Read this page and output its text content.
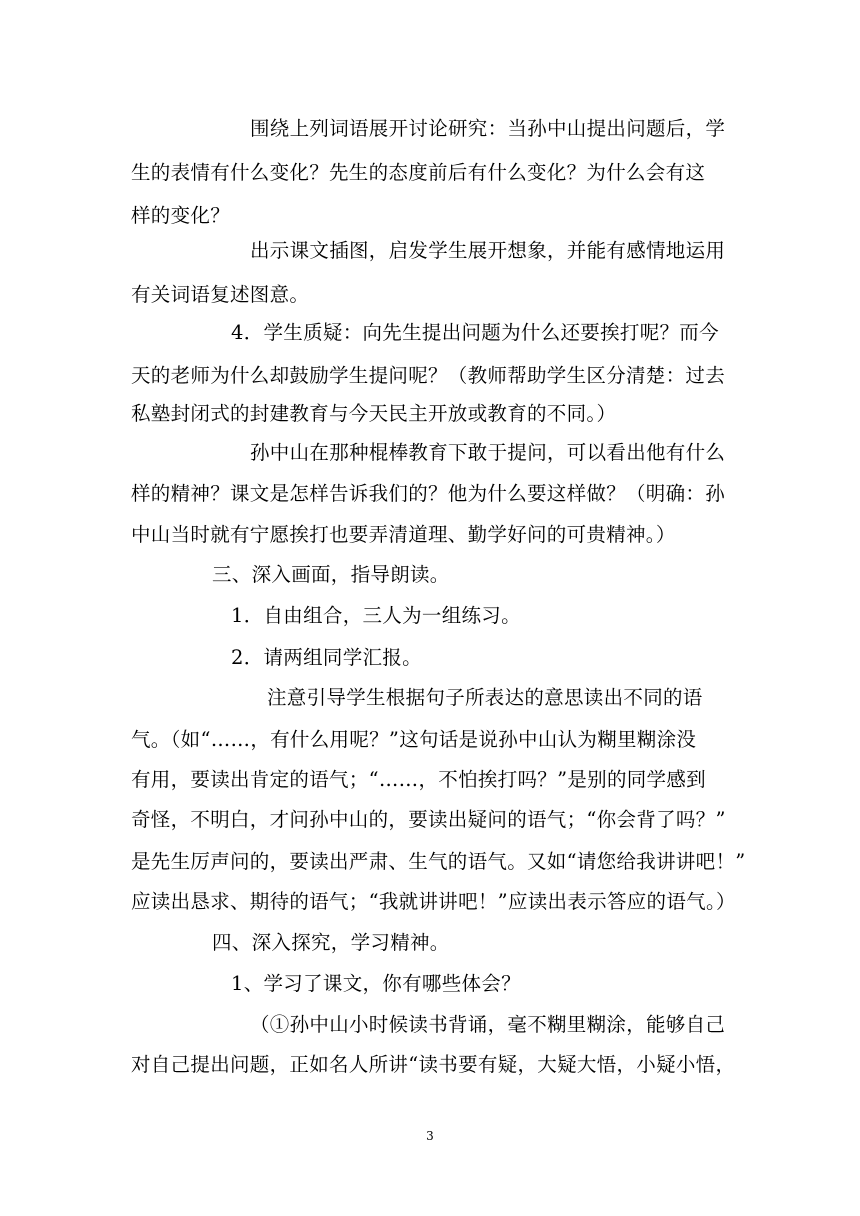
围绕上列词语展开讨论研究：当孙中山提出问题后，学
生的表情有什么变化？先生的态度前后有什么变化？为什么会有这
样的变化？
出示课文插图，启发学生展开想象，并能有感情地运用
有关词语复述图意。
4．学生质疑：向先生提出问题为什么还要挨打呢？而今
天的老师为什么却鼓励学生提问呢？（教师帮助学生区分清楚：过去
私塾封闭式的封建教育与今天民主开放或教育的不同。）
孙中山在那种棍棒教育下敢于提问，可以看出他有什么
样的精神？课文是怎样告诉我们的？他为什么要这样做？（明确：孙
中山当时就有宁愿挨打也要弄清道理、勤学好问的可贵精神。）
三、深入画面，指导朗读。
1．自由组合，三人为一组练习。
2．请两组同学汇报。
注意引导学生根据句子所表达的意思读出不同的语
气。（如“……，有什么用呢？”这句话是说孙中山认为糊里糊涂没
有用，要读出肯定的语气；“……，不怕挨打吗？”是别的同学感到
奇怪，不明白，才问孙中山的，要读出疑问的语气；“你会背了吗？”
是先生厉声问的，要读出严肃、生气的语气。又如“请您给我讲讲吧！”
应读出恳求、期待的语气；“我就讲讲吧！”应读出表示答应的语气。）
四、深入探究，学习精神。
1、学习了课文，你有哪些体会？
（①孙中山小时候读书背诵，毫不糊里糊涂，能够自己
对自己提出问题，正如名人所讲“读书要有疑，大疑大悟，小疑小悟，
3
